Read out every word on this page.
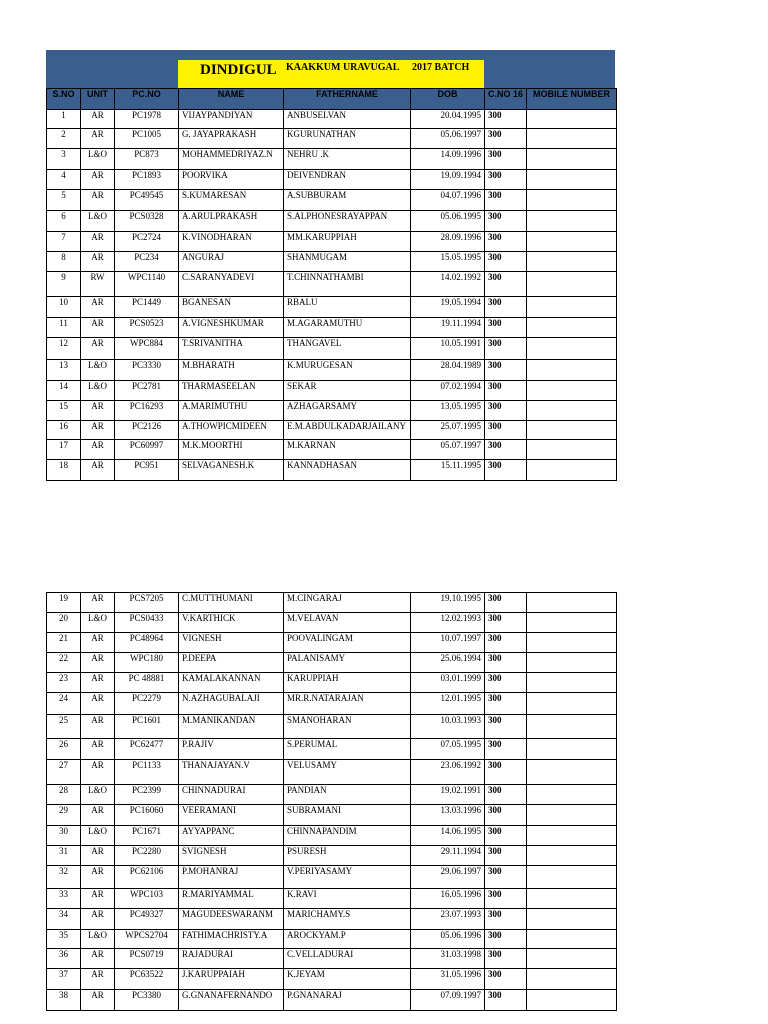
DINDIGUL KAAKKUM URAVUGAL 2017 BATCH
S.NO	UNIT	PC.NO	NAME	FATHERNAME	DOB	C.NO 16	MOBILE NUMBER
1	AR	PC1978	VIJAYPANDIYAN	ANBUSELVAN	20.04.1995	300	
2	AR	PC1005	G. JAYAPRAKASH	KGURUNATHAN	05.06.1997	300	
3	L&O	PC873	MOHAMMEDRIYAZ.N	NEHRU .K	14.09.1996	300	
4	AR	PC1893	POORVIKA	DEIVENDRAN	19.09.1994	300	
5	AR	PC49545	S.KUMARESAN	A.SUBBURAM	04.07.1996	300	
6	L&O	PCS0328	A.ARULPRAKASH	S.ALPHONESRAYAPPAN	05.06.1995	300	
7	AR	PC2724	K.VINODHARAN	MM.KARUPPIAH	28.09.1996	300	
8	AR	PC234	ANGURAJ	SHANMUGAM	15.05.1995	300	
9	RW	WPC1140	C.SARANYADEVI	T.CHINNATHAMBI	14.02.1992	300	
10	AR	PC1449	BGANESAN	RBALU	19.05.1994	300	
11	AR	PCS0523	A.VIGNESHKUMAR	M.AGARAMUTHU	19.11.1994	300	
12	AR	WPC884	T.SRIVANITHA	THANGAVEL	10.05.1991	300	
13	L&O	PC3330	M.BHARATH	K.MURUGESAN	28.04.1989	300	
14	L&O	PC2781	THARMASEELAN	SEKAR	07.02.1994	300	
15	AR	PC16293	A.MARIMUTHU	AZHAGARSAMY	13.05.1995	300	
16	AR	PC2126	A.THOWPICMIDEEN	E.M.ABDULKADARJAILANY	25.07.1995	300	
17	AR	PC60997	M.K.MOORTHI	M.KARNAN	05.07.1997	300	
18	AR	PC951	SELVAGANESH.K	KANNADHASAN	15.11.1995	300	
19	AR	PCS7205	C.MUTTHUMANI	M.CINGARAJ	19.10.1995	300	
20	L&O	PCS0433	V.KARTHICK	M.VELAVAN	12.02.1993	300	
21	AR	PC48964	VIGNESH	POOVALINGAM	10.07.1997	300	
22	AR	WPC180	P.DEEPA	PALANISAMY	25.06.1994	300	
23	AR	PC 48881	KAMALAKANNAN	KARUPPIAH	03.01.1999	300	
24	AR	PC2279	N.AZHAGUBALAJI	MR.R.NATARAJAN	12.01.1995	300	
25	AR	PC1601	M.MANIKANDAN	SMANOHARAN	10.03.1993	300	
26	AR	PC62477	P.RAJIV	S.PERUMAL	07.05.1995	300	
27	AR	PC1133	THANAJAYAN.V	VELUSAMY	23.06.1992	300	
28	L&O	PC2399	CHINNADURAI	PANDIAN	19.02.1991	300	
29	AR	PC16060	VEERAMANI	SUBRAMANI	13.03.1996	300	
30	L&O	PC1671	AYYAPPANC	CHINNAPANDIM	14.06.1995	300	
31	AR	PC2280	SVIGNESH	PSURESH	29.11.1994	300	
32	AR	PC62106	P.MOHANRAJ	V.PERIYASAMY	29.06.1997	300	
33	AR	WPC103	R.MARIYAMMAL	K.RAVI	16.05.1996	300	
34	AR	PC49327	MAGUDEESWARANM	MARICHAMY.S	23.07.1993	300	
35	L&O	WPCS2704	FATHIMACHRISTY.A	AROCKYAM.P	05.06.1996	300	
36	AR	PCS0719	RAJADURAI	C.VELLADURAI	31.03.1998	300	
37	AR	PC63522	J.KARUPPAIAH	K.JEYAM	31.05.1996	300	
38	AR	PC3380	G.GNANAFERNANDO	P.GNANARAJ	07.09.1997	300	
